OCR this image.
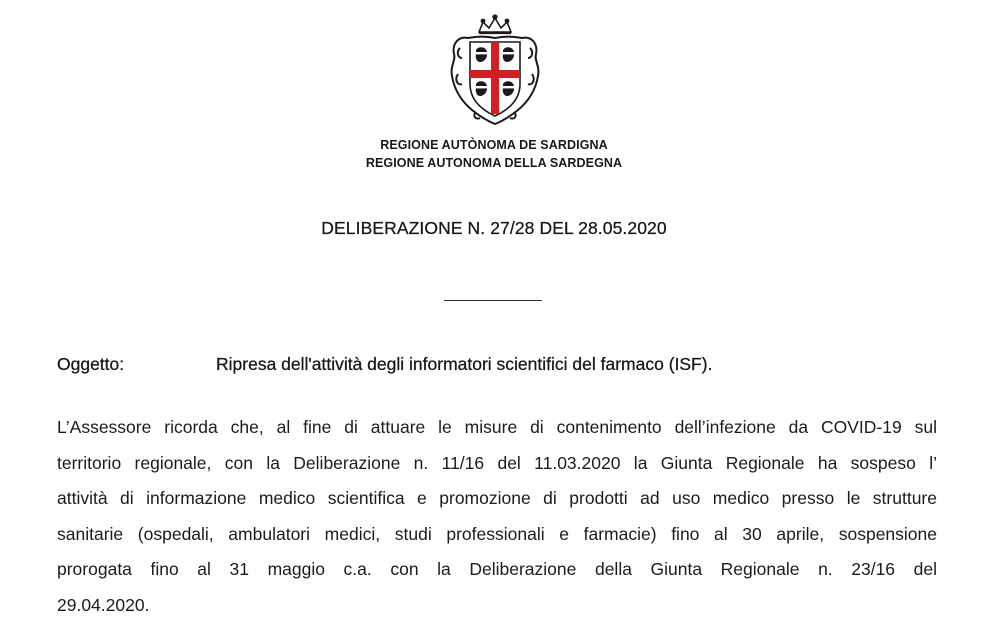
REGIONE AUTÒNOMA DE SARDIGNA
REGIONE AUTONOMA DELLA SARDEGNA
DELIBERAZIONE N. 27/28 DEL 28.05.2020
Oggetto:	Ripresa dell'attività degli informatori scientifici del farmaco (ISF).
L’Assessore ricorda che, al fine di attuare le misure di contenimento dell’infezione da COVID-19 sul
territorio regionale, con la Deliberazione n. 11/16 del 11.03.2020 la Giunta Regionale ha sospeso l’
attività di informazione medico scientifica e promozione di prodotti ad uso medico presso le strutture
sanitarie (ospedali, ambulatori medici, studi professionali e farmacie) fino al 30 aprile, sospensione
prorogata fino al 31 maggio c.a. con la Deliberazione della Giunta Regionale n. 23/16 del
29.04.2020.
